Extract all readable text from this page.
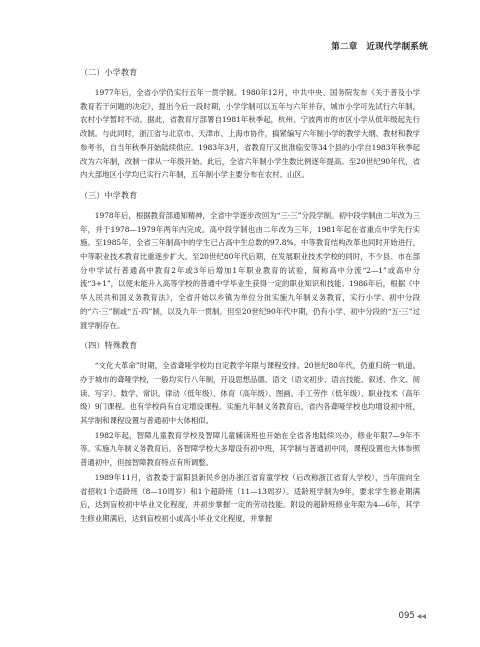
第二章　近现代学制系统
（二）小学教育

1977年后，全省小学仍实行五年一贯学制。1980年12月，中共中央、国务院发布《关于普及小学教育若干问题的决定》，提出今后一段时期，小学学制可以五年与六年并存，城市小学可先试行六年制，农村小学暂时不动。据此，省教育厅部署自1981年秋季起，杭州、宁波两市的市区小学从低年级起先行改制。与此同时，浙江省与北京市、天津市、上海市协作，搞紧编写六年制小学的教学大纲、教材和教学参考书，自当年秋季开始陆续供应。1983年3月，省教育厅又批准临安等34个县的小学自1983年秋季起改为六年制，改制一律从一年级开始。此后，全省六年制小学生数比例逐年提高。至20世纪90年代，省内大部地区小学均已实行六年制，五年制小学主要分布在农村、山区。

（三）中学教育

1978年后，根据教育部通知精神，全省中学逐步改回为“三·三”分段学制。初中段学制由二年改为三年，并于1978—1979年两年内完成。高中段学制也由二年改为三年，1981年起在省重点中学先行实施。至1985年，全省三年制高中的学生已占高中生总数的97.8%。中等教育结构改革也同时开始进行，中等职业技术教育比重逐步扩大。至20世纪80年代后期，在发展职业技术学校的同时，不少县、市在部分中学试行普通高中教育2年或3年后增加1年职业教育的试验，简称高中分流“2—1”或高中分流“3+1”，以使未能升入高等学校的普通中学毕业生获得一定的职业知识和技能。1986年后，根据《中华人民共和国义务教育法》，全省开始以乡镇为单位分批实施九年制义务教育，实行小学、初中分段的“六·三”制或“五·四”制，以及九年一贯制。但至20世纪90年代中期，仍有小学、初中分段的“五·三”过渡学制存在。

（四）特殊教育

“文化大革命”时期，全省聋哑学校均自定教学年限与课程安排。20世纪80年代，仍重归统一轨道。办于城市的聋哑学校，一般均实行八年制，开设思想品德、语文（语文初步、语言技能、叙述、作文、阅读、写字）、数学、常识、律动（低年级）、体育（高年级）、图画、手工劳作（低年级）、职业技术（高年级）9门课程。也有学校尚有自定增设课程。实施九年制义务教育后，省内各聋哑学校也均增设初中班，其学制和课程设置与普通初中大体相似。

1982年起，智障儿童教育学校及智障儿童辅读班也开始在全省各地陆续兴办，修业年限7—9年不等。实施九年制义务教育后，各智障学校大多增设有初中班，其学制与普通初中同，课程设置也大体参照普通初中，但按智障教育特点有所调整。

1989年11月，省教委于富阳县新民乡创办浙江省育童学校（后改称浙江省育人学校），当年面向全省招收1个适龄班（8—10周岁）和1个超龄班（11—13周岁）。适龄班学制为9年，要求学生修业期满后，达到盲校初中毕业文化程度，并初步掌握一定的劳动技能。附设的超龄班修业年限为4—6年，其学生修业期满后，达到盲校初小或高小毕业文化程度，并掌握

095 ◀◀
